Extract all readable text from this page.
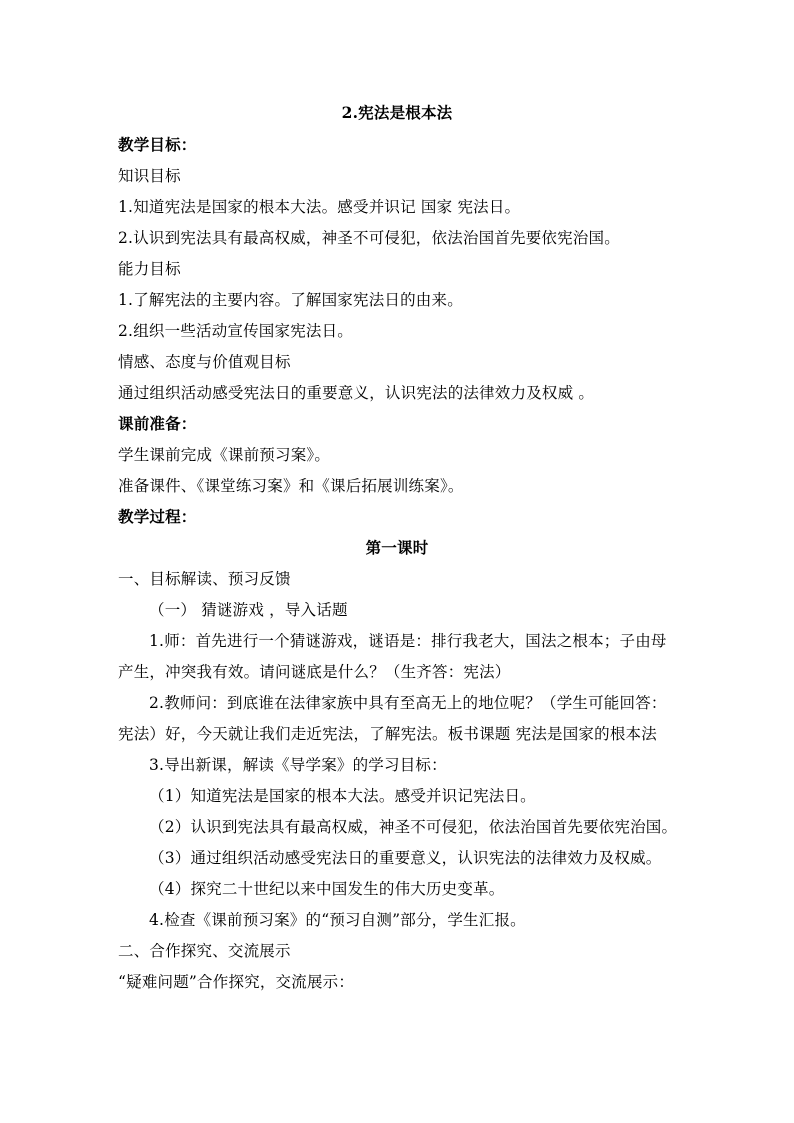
2.宪法是根本法
教学目标：
知识目标
1.知道宪法是国家的根本大法。感受并识记 国家 宪法日。
2.认识到宪法具有最高权威，神圣不可侵犯，依法治国首先要依宪治国。
能力目标
1.了解宪法的主要内容。了解国家宪法日的由来。
2.组织一些活动宣传国家宪法日。
情感、态度与价值观目标
通过组织活动感受宪法日的重要意义，认识宪法的法律效力及权威 。
课前准备：
学生课前完成《课前预习案》。
准备课件、《课堂练习案》和《课后拓展训练案》。
教学过程：
第一课时
一、目标解读、预习反馈
（一） 猜谜游戏 ，导入话题
1.师：首先进行一个猜谜游戏，谜语是：排行我老大，国法之根本；子由母
产生，冲突我有效。请问谜底是什么？（生齐答：宪法）
2.教师问：到底谁在法律家族中具有至高无上的地位呢？（学生可能回答：
宪法）好，今天就让我们走近宪法，了解宪法。板书课题 宪法是国家的根本法
3.导出新课，解读《导学案》的学习目标：
（1）知道宪法是国家的根本大法。感受并识记宪法日。
（2）认识到宪法具有最高权威，神圣不可侵犯，依法治国首先要依宪治国。
（3）通过组织活动感受宪法日的重要意义，认识宪法的法律效力及权威。
（4）探究二十世纪以来中国发生的伟大历史变革。
4.检查《课前预习案》的“预习自测”部分，学生汇报。
二、合作探究、交流展示
“疑难问题”合作探究，交流展示：
